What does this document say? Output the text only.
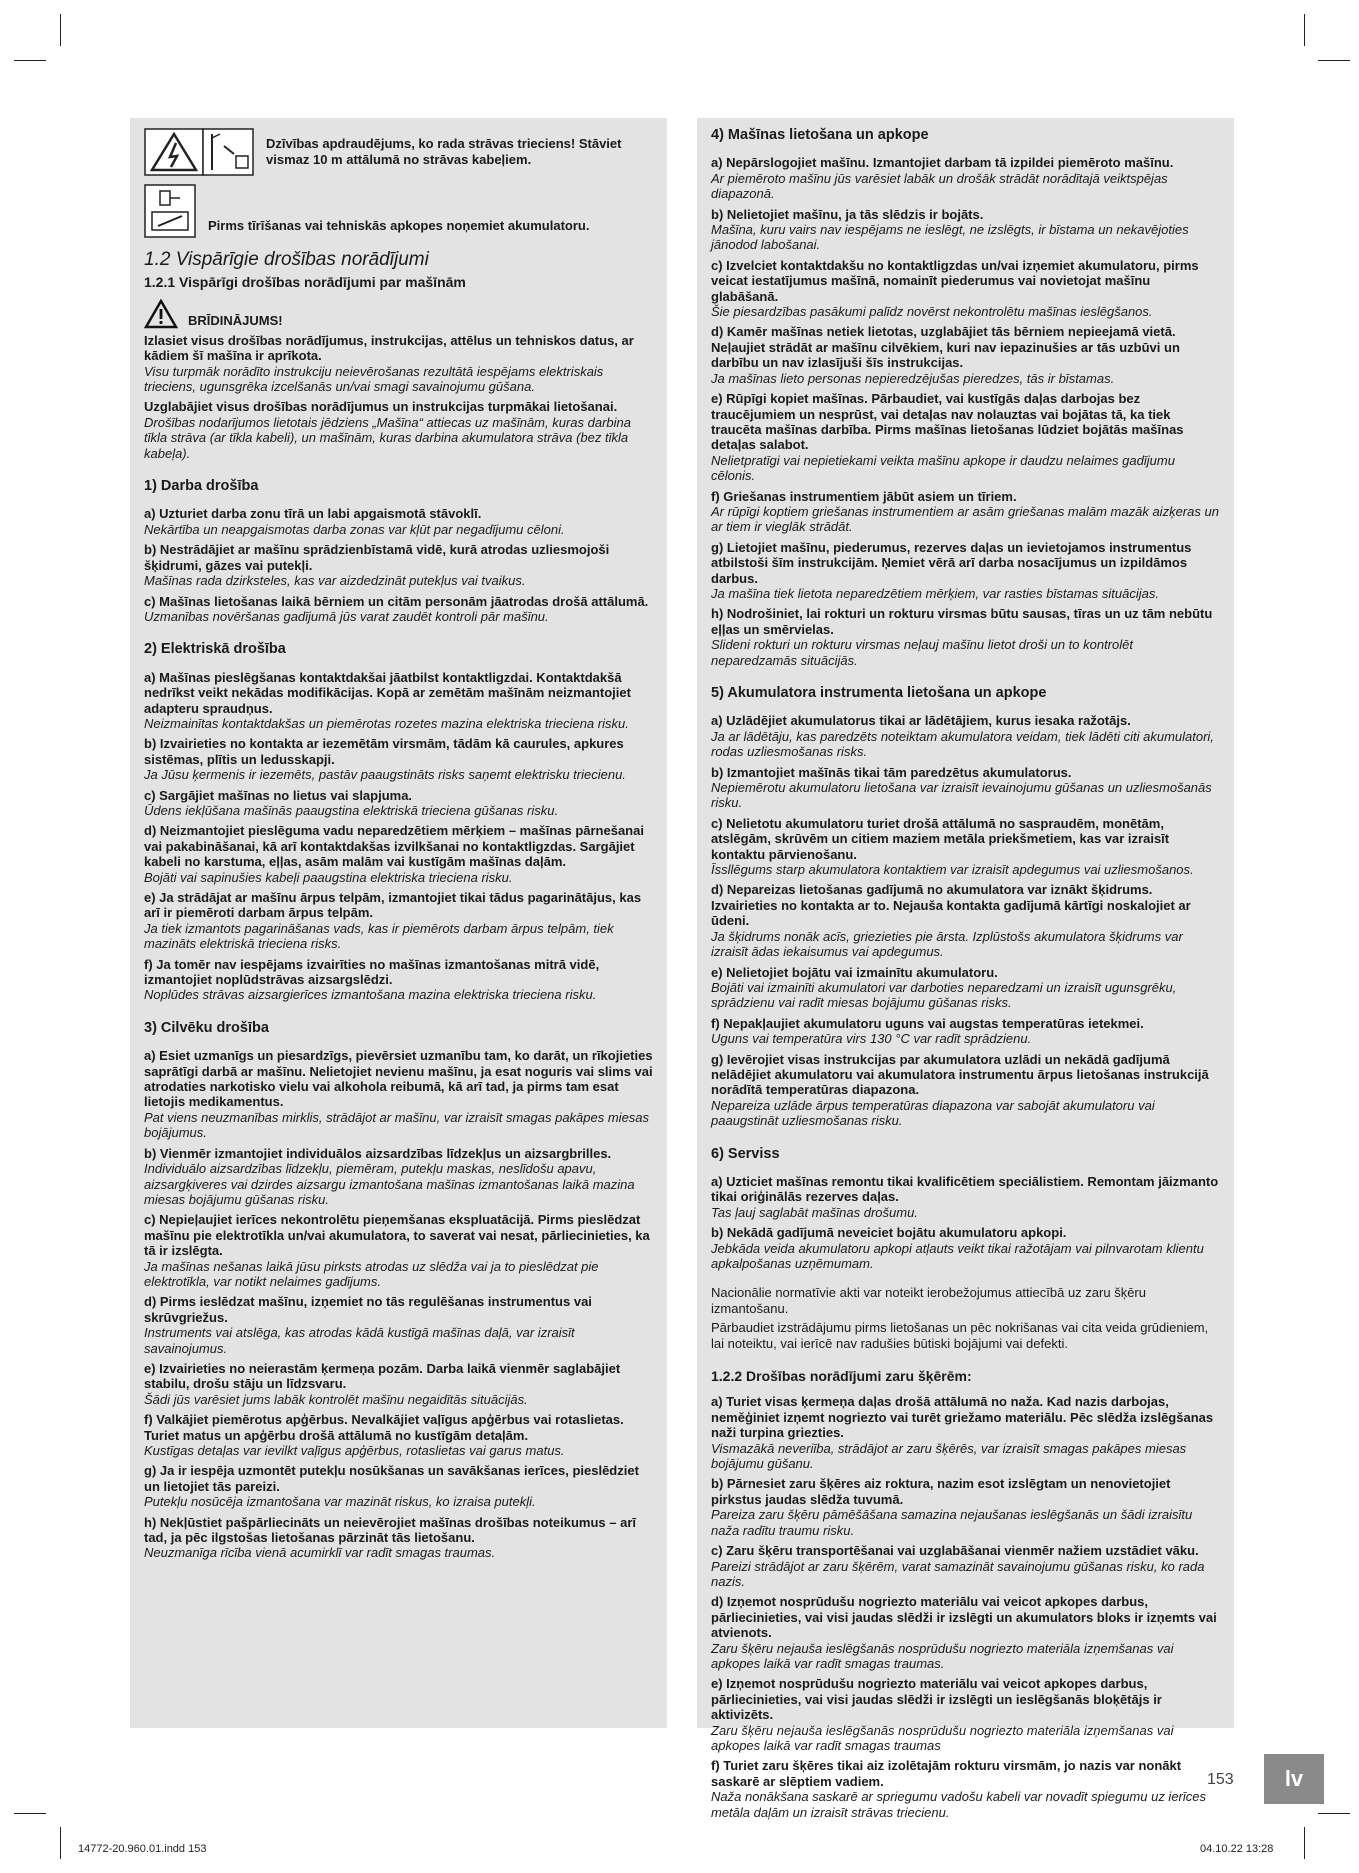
Dzīvības apdraudējums, ko rada strāvas trieciens! Stāviet vismaz 10 m attālumā no strāvas kabeļiem.
Pirms tīrīšanas vai tehniskās apkopes noņemiet akumulatoru.
1.2 Vispārīgie drošības norādījumi
1.2.1 Vispārīgi drošības norādījumi par mašīnām
BRĪDINĀJUMS!

Izlasiet visus drošības norādījumus, instrukcijas, attēlus un tehniskos datus, ar kādiem šī mašīna ir aprīkota.

Visu turpmāk norādīto instrukciju neievērošanas rezultātā iespējams elektriskais trieciens, ugunsgrēka izcelšanās un/vai smagi savainojumu gūšana.

Uzglabājiet visus drošības norādījumus un instrukcijas turpmākai lietošanai.

Drošības nodarījumos lietotais jēdziens „Mašīna“ attiecas uz mašīnām, kuras darbina tīkla strāva (ar tīkla kabeli), un mašīnām, kuras darbina akumulatora strāva (bez tīkla kabeļa).

1) Darba drošība

a) Uzturiet darba zonu tīrā un labi apgaismotā stāvoklī.

Nekārtība un neapgaismotas darba zonas var kļūt par negadījumu cēloni.

b) Nestrādājiet ar mašīnu sprādzienbīstamā vidē, kurā atrodas uzliesmojoši šķidrumi, gāzes vai putekļi.

Mašīnas rada dzirksteles, kas var aizdedzināt putekļus vai tvaikus.

c) Mašīnas lietošanas laikā bērniem un citām personām jāatrodas drošā attālumā.

Uzmanības novēršanas gadījumā jūs varat zaudēt kontroli pār mašīnu.

2) Elektriskā drošība

a) Mašīnas pieslēgšanas kontaktdakšai jāatbilst kontaktligzdai. Kontaktdakšā nedrīkst veikt nekādas modifikācijas. Kopā ar zemētām mašīnām neizmantojiet adapteru spraudņus.

Neizmainītas kontaktdakšas un piemērotas rozetes mazina elektriska trieciena risku.

b) Izvairieties no kontakta ar iezemētām virsmām, tādām kā caurules, apkures sistēmas, plītis un ledusskapji.

Ja Jūsu ķermenis ir iezemēts, pastāv paaugstināts risks saņemt elektrisku triecienu.

c) Sargājiet mašīnas no lietus vai slapjuma.

Ūdens iekļūšana mašīnās paaugstina elektriskā trieciena gūšanas risku.

d) Neizmantojiet pieslēguma vadu neparedzētiem mērķiem – mašīnas pārnešanai vai pakabināšanai, kā arī kontaktdakšas izvilkšanai no kontaktligzdas. Sargājiet kabeli no karstuma, eļļas, asām malām vai kustīgām mašīnas daļām.

Bojāti vai sapinušies kabeļi paaugstina elektriska trieciena risku.

e) Ja strādājat ar mašīnu ārpus telpām, izmantojiet tikai tādus pagarinātājus, kas arī ir piemēroti darbam ārpus telpām.

Ja tiek izmantots pagarināšanas vads, kas ir piemērots darbam ārpus telpām, tiek mazināts elektriskā trieciena risks.

f) Ja tomēr nav iespējams izvairīties no mašīnas izmantošanas mitrā vidē, izmantojiet noplūdstrāvas aizsargslēdzi.

Noplūdes strāvas aizsargierīces izmantošana mazina elektriska trieciena risku.

3) Cilvēku drošība

a) Esiet uzmanīgs un piesardzīgs, pievērsiet uzmanību tam, ko darāt, un rīkojieties saprātīgi darbā ar mašīnu. Nelietojiet nevienu mašīnu, ja esat noguris vai slims vai atrodaties narkotisko vielu vai alkohola reibumā, kā arī tad, ja pirms tam esat lietojis medikamentus.

Pat viens neuzmanības mirklis, strādājot ar mašīnu, var izraisīt smagas pakāpes miesas bojājumus.

b) Vienmēr izmantojiet individuālos aizsardzības līdzekļus un aizsargbrilles.

Individuālo aizsardzības līdzekļu, piemēram, putekļu maskas, neslīdošu apavu, aizsargķiveres vai dzirdes aizsargu izmantošana mašīnas izmantošanas laikā mazina miesas bojājumu gūšanas risku.

c) Nepieļaujiet ierīces nekontrolētu pieņemšanas ekspluatācijā. Pirms pieslēdzat mašīnu pie elektrotīkla un/vai akumulatora, to saverat vai nesat, pārliecinieties, ka tā ir izslēgta.

Ja mašīnas nešanas laikā jūsu pirksts atrodas uz slēdža vai ja to pieslēdzat pie elektrotīkla, var notikt nelaimes gadījums.

d) Pirms ieslēdzat mašīnu, izņemiet no tās regulēšanas instrumentus vai skrūvgriežus.

Instruments vai atslēga, kas atrodas kādā kustīgā mašīnas daļā, var izraisīt savainojumus.

e) Izvairieties no neierastām ķermeņa pozām. Darba laikā vienmēr saglabājiet stabilu, drošu stāju un līdzsvaru.

Šādi jūs varēsiet jums labāk kontrolēt mašīnu negaidītās situācijās.

f) Valkājiet piemērotus apģērbus. Nevalkājiet vaļīgus apģērbus vai rotaslietas. Turiet matus un apģērbu drošā attālumā no kustīgām detaļām.

Kustīgas detaļas var ievilkt vaļīgus apģērbus, rotaslietas vai garus matus.

g) Ja ir iespēja uzmontēt putekļu nosūkšanas un savākšanas ierīces, pieslēdziet un lietojiet tās pareizi.

Putekļu nosūcēja izmantošana var mazināt riskus, ko izraisa putekļi.

h) Nekļūstiet pašpārliecināts un neievērojiet mašīnas drošības noteikumus – arī tad, ja pēc ilgstošas lietošanas pārzināt tās lietošanu.

Neuzmanīga rīcība vienā acumirklī var radīt smagas traumas.

4) Mašīnas lietošana un apkope

a) Nepārslogojiet mašīnu. Izmantojiet darbam tā izpildei piemēroto mašīnu.

Ar piemēroto mašīnu jūs varēsiet labāk un drošāk strādāt norādītajā veiktspējas diapazonā.

b) Nelietojiet mašīnu, ja tās slēdzis ir bojāts.

Mašīna, kuru vairs nav iespējams ne ieslēgt, ne izslēgts, ir bīstama un nekavējoties jānodod labošanai.

c) Izvelciet kontaktdakšu no kontaktligzdas un/vai izņemiet akumulatoru, pirms veicat iestatījumus mašīnā, nomainīt piederumus vai novietojat mašīnu glabāšanā.

Šie piesardzības pasākumi palīdz novērst nekontrolētu mašīnas ieslēgšanos.

d) Kamēr mašīnas netiek lietotas, uzglabājiet tās bērniem nepieejamā vietā. Neļaujiet strādāt ar mašīnu cilvēkiem, kuri nav iepazinušies ar tās uzbūvi un darbību un nav izlasījuši šīs instrukcijas.

Ja mašīnas lieto personas nepieredzējušas pieredzes, tās ir bīstamas.

e) Rūpīgi kopiet mašīnas. Pārbaudiet, vai kustīgās daļas darbojas bez traucējumiem un nesprūst, vai detaļas nav nolauztas vai bojātas tā, ka tiek traucēta mašīnas darbība. Pirms mašīnas lietošanas lūdziet bojātās mašīnas detaļas salabot.

Nelietpratīgi vai nepietiekami veikta mašīnu apkope ir daudzu nelaimes gadījumu cēlonis.

f) Griešanas instrumentiem jābūt asiem un tīriem.

Ar rūpīgi koptiem griešanas instrumentiem ar asām griešanas malām mazāk aizķeras un ar tiem ir vieglāk strādāt.

g) Lietojiet mašīnu, piederumus, rezerves daļas un ievietojamos instrumentus atbilstoši šīm instrukcijām. Ņemiet vērā arī darba nosacījumus un izpildāmos darbus.

Ja mašīna tiek lietota neparedzētiem mērķiem, var rasties bīstamas situācijas.

h) Nodrošiniet, lai rokturi un rokturu virsmas būtu sausas, tīras un uz tām nebūtu eļļas un smērvielas.

Slideni rokturi un rokturu virsmas neļauj mašīnu lietot droši un to kontrolēt neparedzamās situācijās.

5) Akumulatora instrumenta lietošana un apkope

a) Uzlādējiet akumulatorus tikai ar lādētājiem, kurus iesaka ražotājs.

Ja ar lādētāju, kas paredzēts noteiktam akumulatora veidam, tiek lādēti citi akumulatori, rodas uzliesmošanas risks.

b) Izmantojiet mašīnās tikai tām paredzētus akumulatorus.

Nepiemērotu akumulatoru lietošana var izraisīt ievainojumu gūšanas un uzliesmošanās risku.

c) Nelietotu akumulatoru turiet drošā attālumā no saspraudēm, monētām, atslēgām, skrūvēm un citiem maziem metāla priekšmetiem, kas var izraisīt kontaktu pārvienošanu.

Īssllēgums starp akumulatora kontaktiem var izraisīt apdegumus vai uzliesmošanos.

d) Nepareizas lietošanas gadījumā no akumulatora var iznākt šķidrums. Izvairieties no kontakta ar to. Nejauša kontakta gadījumā kārtīgi noskalojiet ar ūdeni.

Ja šķidrums nonāk acīs, griezieties pie ārsta. Izplūstošs akumulatora šķidrums var izraisīt ādas iekaisumus vai apdegumus.

e) Nelietojiet bojātu vai izmainītu akumulatoru.

Bojāti vai izmainīti akumulatori var darboties neparedzami un izraisīt ugunsgrēku, sprādzienu vai radīt miesas bojājumu gūšanas risks.

f) Nepakļaujiet akumulatoru uguns vai augstas temperatūras ietekmei.

Uguns vai temperatūra virs 130 °C var radīt sprādzienu.

g) Ievērojiet visas instrukcijas par akumulatora uzlādi un nekādā gadījumā nelādējiet akumulatoru vai akumulatora instrumentu ārpus lietošanas instrukcijā norādītā temperatūras diapazona.

Nepareiza uzlāde ārpus temperatūras diapazona var sabojāt akumulatoru vai paaugstināt uzliesmošanas risku.

6) Serviss

a) Uzticiet mašīnas remontu tikai kvalificētiem speciālistiem. Remontam jāizmanto tikai oriģinālās rezerves daļas.

Tas ļauj saglabāt mašīnas drošumu.

b) Nekādā gadījumā neveiciet bojātu akumulatoru apkopi.

Jebkāda veida akumulatoru apkopi atļauts veikt tikai ražotājam vai pilnvarotam klientu apkalpošanas uzņēmumam.

Nacionālie normatīvie akti var noteikt ierobežojumus attiecībā uz zaru šķēru izmantošanu.

Pārbaudiet izstrādājumu pirms lietošanas un pēc nokrišanas vai cita veida grūdieniem, lai noteiktu, vai ierīcē nav radušies būtiski bojājumi vai defekti.

1.2.2 Drošības norādījumi zaru šķērēm:

a) Turiet visas ķermeņa daļas drošā attālumā no naža. Kad nazis darbojas, neměģiniet izņemt nogriezto vai turēt griežamo materiālu. Pēc slēdža izslēgšanas naži turpina griezties.

Vismazākā neveriība, strādājot ar zaru šķērēs, var izraisīt smagas pakāpes miesas bojājumu gūšanu.

b) Pārnesiet zaru šķēres aiz roktura, nazim esot izslēgtam un nenovietojiet pirkstus jaudas slēdža tuvumā.

Pareiza zaru šķēru pāmēšāšana samazina nejaušanas ieslēgšanās un šādi izraisītu naža radītu traumu risku.

c) Zaru šķēru transportēšanai vai uzglabāšanai vienmēr nažiem uzstādiet vāku.

Pareizi strādājot ar zaru šķērēm, varat samazināt savainojumu gūšanas risku, ko rada nazis.

d) Izņemot nosprūdušu nogriezto materiālu vai veicot apkopes darbus, pārliecinieties, vai visi jaudas slēdži ir izslēgti un akumulators bloks ir izņemts vai atvienots.

Zaru šķēru nejauša ieslēgšanās nosprūdušu nogriezto materiāla izņemšanas vai apkopes laikā var radīt smagas traumas.

e) Izņemot nosprūdušu nogriezto materiālu vai veicot apkopes darbus, pārliecinieties, vai visi jaudas slēdži ir izslēgti un ieslēgšanās bloķētājs ir aktivizēts.

Zaru šķēru nejauša ieslēgšanās nosprūdušu nogriezto materiāla izņemšanas vai apkopes laikā var radīt smagas traumas

f) Turiet zaru šķēres tikai aiz izolētajām rokturu virsmām, jo nazis var nonākt saskarē ar slēptiem vadiem.

Naža nonākšana saskarē ar spriegumu vadošu kabeli var novadīt spiegumu uz ierīces metāla daļām un izraisīt strāvas triecienu.

153	lv
14772-20.960.01.indd 153	04.10.22 13:28
